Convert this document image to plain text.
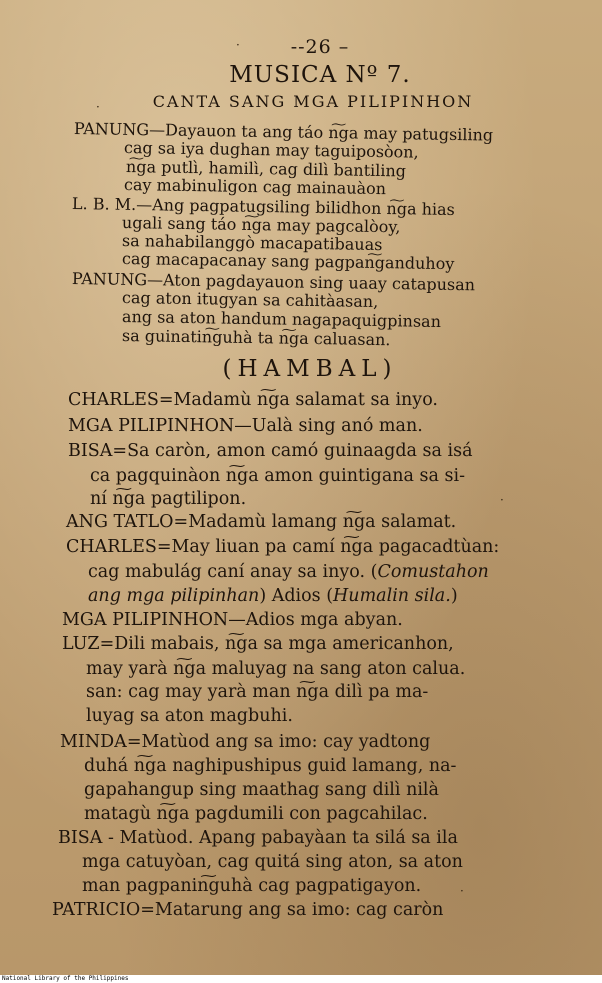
--26 –
MUSICA Nº 7.
CANTA SANG MGA PILIPINHON
PANUNG—Dayauon ta ang táo n͠ga may patugsiling
cag sa iya dughan may taguiposòon,
n͠ga putlì, hamilì, cag dilì bantiling
cay mabinuligon cag mainauàon
L. B. M.—Ang pagpatugsiling bilidhon n͠ga hias
ugali sang táo n͠ga may pagcalòoy,
sa nahabilanggò macapatibauas
cag macapacanay sang pagpan͠ganduhoy
PANUNG—Aton pagdayauon sing uaay catapusan
cag aton itugyan sa cahitàasan,
ang sa aton handum nagapaquigpinsan
sa guinatin͠guhà ta n͠ga caluasan.
(HAMBAL)
CHARLES=Madamù n͠ga salamat sa inyo.
MGA PILIPINHON—Ualà sing anó man.
BISA=Sa caròn, amon camó guinaagda sa isá
ca pagquinàon n͠ga amon guintigana sa si-
ní n͠ga pagtilipon.
ANG TATLO=Madamù lamang n͠ga salamat.
CHARLES=May liuan pa camí n͠ga pagacadtùan:
cag mabulág caní anay sa inyo. (Comustahon
ang mga pilipinhan) Adios (Humalin sila.)
MGA PILIPINHON—Adios mga abyan.
LUZ=Dili mabais, n͠ga sa mga americanhon,
may yarà n͠ga maluyag na sang aton calua.
san: cag may yarà man n͠ga dilì pa ma-
luyag sa aton magbuhi.
MINDA=Matùod ang sa imo: cay yadtong
duhá n͠ga naghipushipus guid lamang, na-
gapahangup sing maathag sang dilì nilà
matagù n͠ga pagdumili con pagcahilac.
BISA - Matùod. Apang pabayàan ta silá sa ila
mga catuyòan, cag quitá sing aton, sa aton
man pagpanin͠guhà cag pagpatigayon.
PATRICIO=Matarung ang sa imo: cag caròn
·
·
·
·
National Library of the Philippines
